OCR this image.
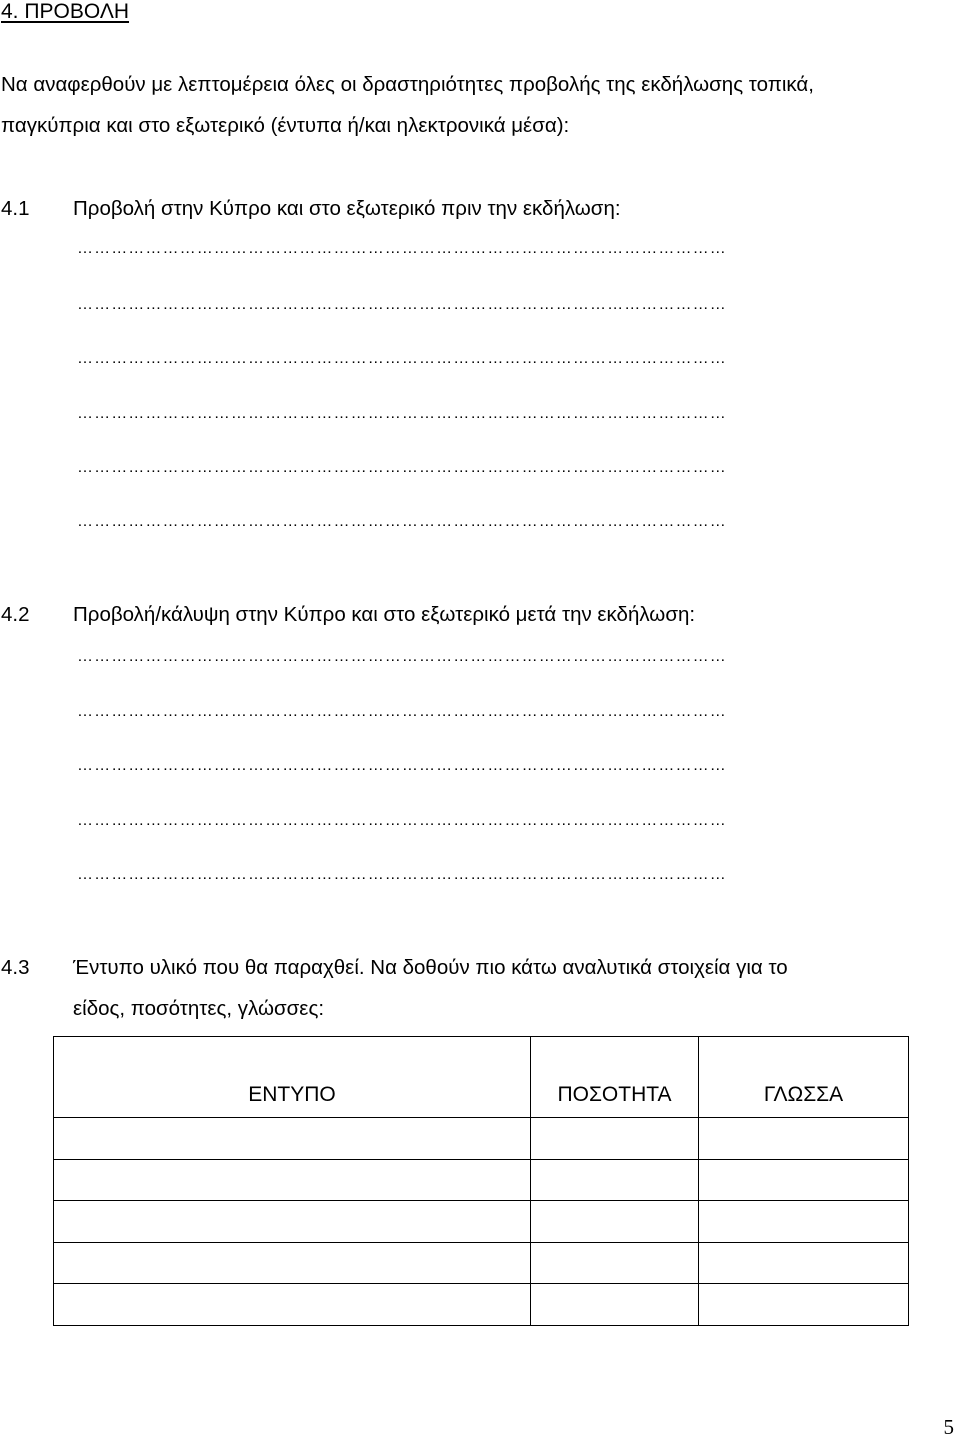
4. ΠΡΟΒΟΛΗ
Να αναφερθούν με λεπτομέρεια όλες οι δραστηριότητες προβολής της εκδήλωσης τοπικά,
παγκύπρια και στο εξωτερικό (έντυπα ή/και ηλεκτρονικά μέσα):
4.1 Προβολή στην Κύπρο και στο εξωτερικό πριν την εκδήλωση:
……………………………………………………………………………………………………
……………………………………………………………………………………………………
……………………………………………………………………………………………………
……………………………………………………………………………………………………
……………………………………………………………………………………………………
……………………………………………………………………………………………………
4.2 Προβολή/κάλυψη στην Κύπρο και στο εξωτερικό μετά την εκδήλωση:
……………………………………………………………………………………………………
……………………………………………………………………………………………………
……………………………………………………………………………………………………
……………………………………………………………………………………………………
……………………………………………………………………………………………………
4.3 Έντυπο υλικό που θα παραχθεί. Να δοθούν πιο κάτω αναλυτικά στοιχεία για το
είδος, ποσότητες, γλώσσες:
ΕΝΤΥΠΟ	ΠΟΣΟΤΗΤΑ	ΓΛΩΣΣΑ

5
